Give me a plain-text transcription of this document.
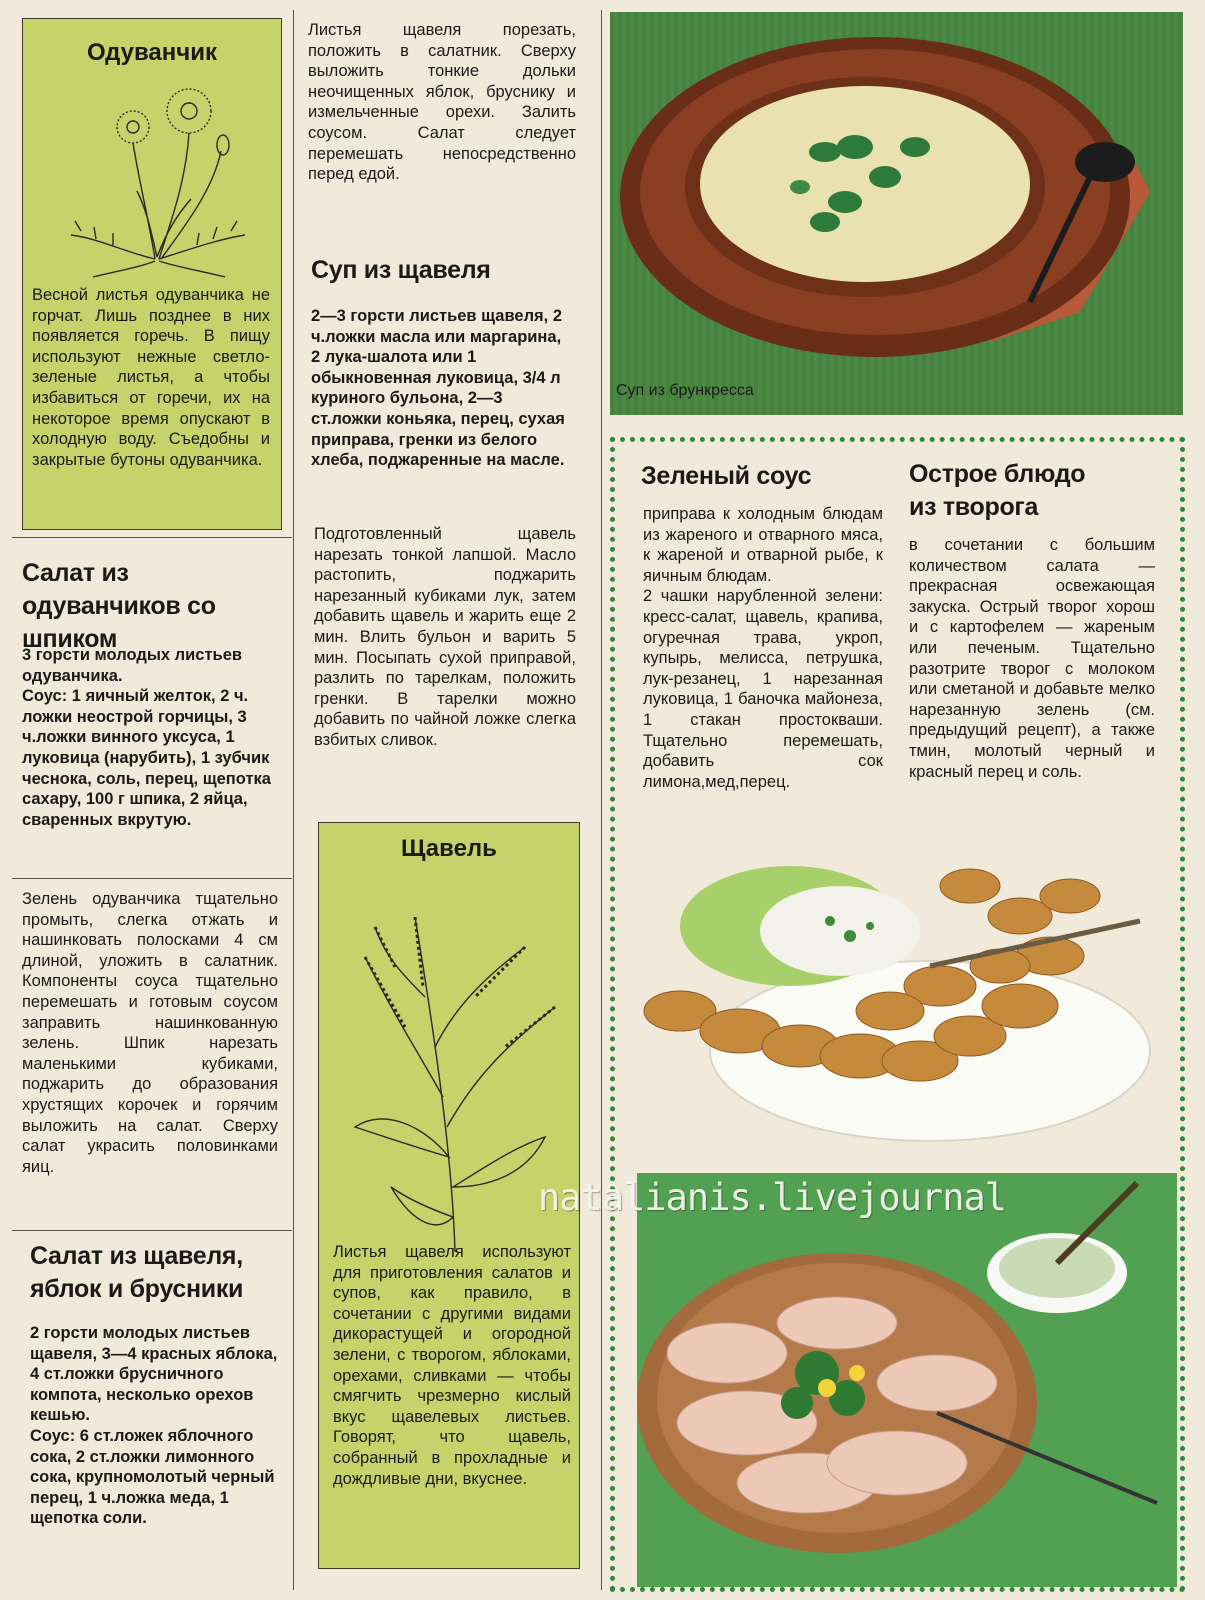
Одуванчик
Весной листья одуванчика не горчат. Лишь позднее в них появляется горечь. В пищу используют нежные светло-зеленые листья, а чтобы избавиться от горечи, их на некоторое время опускают в холодную воду. Съедобны и закрытые бутоны одуванчика.
Салат из одуванчиков со шпиком
3 горсти молодых листьев одуванчика.
Соус: 1 яичный желток, 2 ч. ложки неострой горчицы, 3 ч.ложки винного уксуса, 1 луковица (нарубить), 1 зубчик чеснока, соль, перец, щепотка сахару, 100 г шпика, 2 яйца, сваренных вкрутую.
Зелень одуванчика тщательно промыть, слегка отжать и нашинковать полосками 4 см длиной, уложить в салатник. Компоненты соуса тщательно перемешать и готовым соусом заправить нашинкованную зелень. Шпик нарезать маленькими кубиками, поджарить до образования хрустящих корочек и горячим выложить на салат. Сверху салат украсить половинками яиц.
Салат из щавеля, яблок и брусники
2 горсти молодых листьев щавеля, 3—4 красных яблока, 4 ст.ложки брусничного компота, несколько орехов кешью.
Соус: 6 ст.ложек яблочного сока, 2 ст.ложки лимонного сока, крупномолотый черный перец, 1 ч.ложка меда, 1 щепотка соли.
Листья щавеля порезать, положить в салатник. Сверху выложить тонкие дольки неочищенных яблок, бруснику и измельченные орехи. Залить соусом. Салат следует перемешать непосредственно перед едой.
Суп из щавеля
2—3 горсти листьев щавеля, 2 ч.ложки масла или маргарина, 2 лука-шалота или 1 обыкновенная луковица, 3/4 л куриного бульона, 2—3 ст.ложки коньяка, перец, сухая приправа, гренки из белого хлеба, поджаренные на масле.
Подготовленный щавель нарезать тонкой лапшой. Масло растопить, поджарить нарезанный кубиками лук, затем добавить щавель и жарить еще 2 мин. Влить бульон и варить 5 мин. Посыпать сухой приправой, разлить по тарелкам, положить гренки. В тарелки можно добавить по чайной ложке слегка взбитых сливок.
Щавель
Листья щавеля используют для приготовления салатов и супов, как правило, в сочетании с другими видами дикорастущей и огородной зелени, с творогом, яблоками, орехами, сливками — чтобы смягчить чрезмерно кислый вкус щавелевых листьев. Говорят, что щавель, собранный в прохладные и дождливые дни, вкуснее.
Суп из брункресса
Зеленый соус
приправа к холодным блюдам из жареного и отварного мяса, к жареной и отварной рыбе, к яичным блюдам.
2 чашки нарубленной зелени: кресс-салат, щавель, крапива, огуречная трава, укроп, купырь, мелисса, петрушка, лук-резанец, 1 нарезанная луковица, 1 баночка майонеза, 1 стакан простокваши. Тщательно перемешать, добавить сок лимона,мед,перец.
Острое блюдо из творога
в сочетании с большим количеством салата — прекрасная освежающая закуска. Острый творог хорош и с картофелем — жареным или печеным. Тщательно разотрите творог с молоком или сметаной и добавьте мелко нарезанную зелень (см. предыдущий рецепт), а также тмин, молотый черный и красный перец и соль.
natalianis.livejournal
